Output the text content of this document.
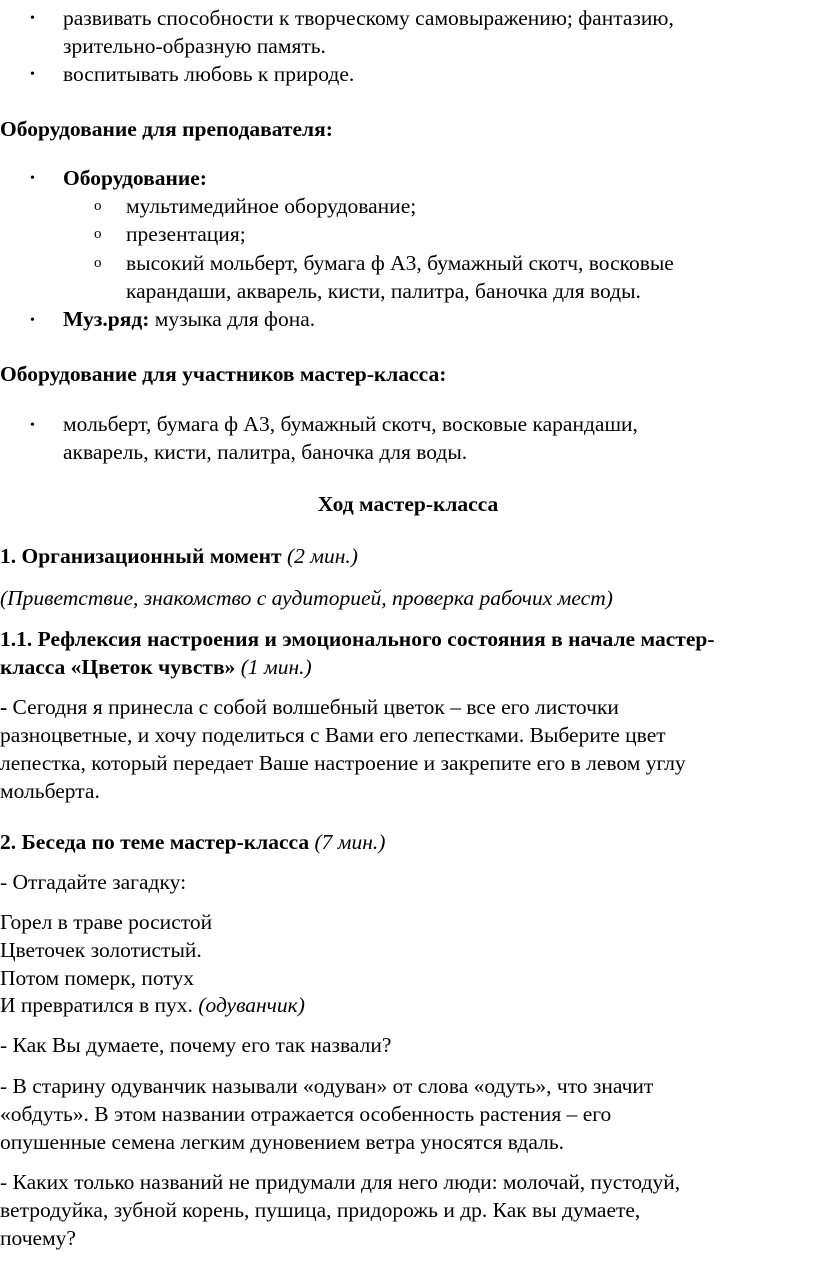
• развивать способности к творческому самовыражению; фантазию,
зрительно-образную память.
• воспитывать любовь к природе.
Оборудование для преподавателя:
• Оборудование:
o мультимедийное оборудование;
o презентация;
o высокий мольберт, бумага ф А3, бумажный скотч, восковые
карандаши, акварель, кисти, палитра, баночка для воды.
• Муз.ряд: музыка для фона.
Оборудование для участников мастер-класса:
• мольберт, бумага ф А3, бумажный скотч, восковые карандаши,
акварель, кисти, палитра, баночка для воды.
Ход мастер-класса
1. Организационный момент (2 мин.)
(Приветствие, знакомство с аудиторией, проверка рабочих мест)
1.1. Рефлексия настроения и эмоционального состояния в начале мастер-
класса «Цветок чувств» (1 мин.)
- Сегодня я принесла с собой волшебный цветок – все его листочки
разноцветные, и хочу поделиться с Вами его лепестками. Выберите цвет
лепестка, который передает Ваше настроение и закрепите его в левом углу
мольберта.
2. Беседа по теме мастер-класса (7 мин.)
- Отгадайте загадку:
Горел в траве росистой
Цветочек золотистый.
Потом померк, потух
И превратился в пух. (одуванчик)
- Как Вы думаете, почему его так назвали?
- В старину одуванчик называли «одуван» от слова «одуть», что значит
«обдуть». В этом названии отражается особенность растения – его
опушенные семена легким дуновением ветра уносятся вдаль.
- Каких только названий не придумали для него люди: молочай, пустодуй,
ветродуйка, зубной корень, пушица, придорожь и др. Как вы думаете,
почему?
